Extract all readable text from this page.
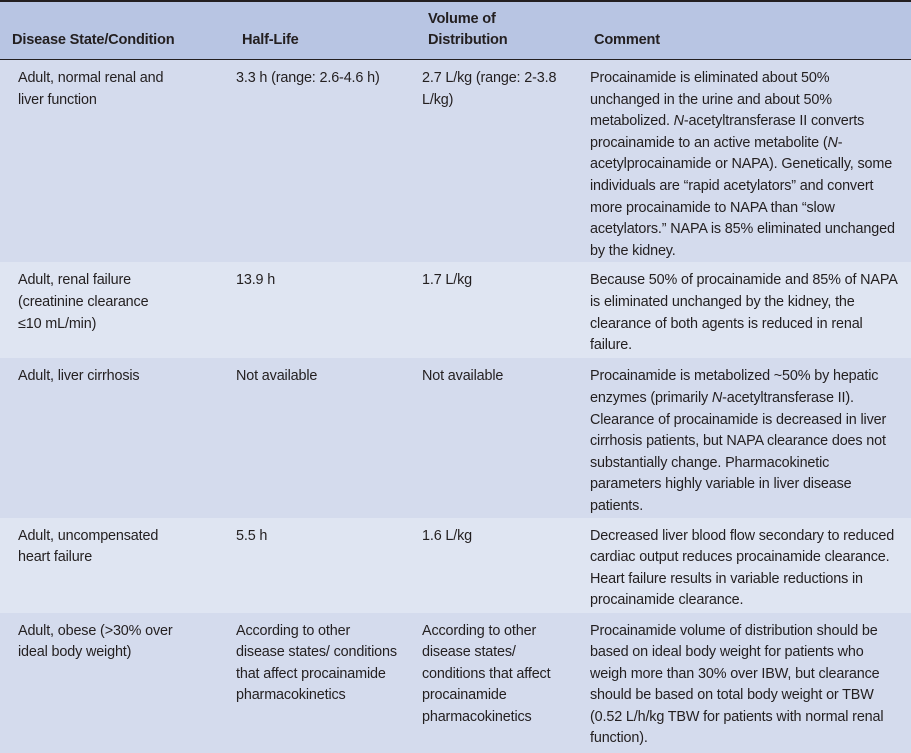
Disease State/Condition	Half-Life	Volume of Distribution	Comment
Adult, normal renal and liver function	3.3 h (range: 2.6-4.6 h)	2.7 L/kg (range: 2-3.8 L/kg)	Procainamide is eliminated about 50% unchanged in the urine and about 50% metabolized. N-acetyltransferase II converts procainamide to an active metabolite (N-acetylprocainamide or NAPA). Genetically, some individuals are “rapid acetylators” and convert more procainamide to NAPA than “slow acetylators.” NAPA is 85% eliminated unchanged by the kidney.
Adult, renal failure (creatinine clearance ≤10 mL/min)	13.9 h	1.7 L/kg	Because 50% of procainamide and 85% of NAPA is eliminated unchanged by the kidney, the clearance of both agents is reduced in renal failure.
Adult, liver cirrhosis	Not available	Not available	Procainamide is metabolized ~50% by hepatic enzymes (primarily N-acetyltransferase II). Clearance of procainamide is decreased in liver cirrhosis patients, but NAPA clearance does not substantially change. Pharmacokinetic parameters highly variable in liver disease patients.
Adult, uncompensated heart failure	5.5 h	1.6 L/kg	Decreased liver blood flow secondary to reduced cardiac output reduces procainamide clearance. Heart failure results in variable reductions in procainamide clearance.
Adult, obese (>30% over ideal body weight)	According to other disease states/ conditions that affect procainamide pharmacokinetics	According to other disease states/ conditions that affect procainamide pharmacokinetics	Procainamide volume of distribution should be based on ideal body weight for patients who weigh more than 30% over IBW, but clearance should be based on total body weight or TBW (0.52 L/h/kg TBW for patients with normal renal function).
